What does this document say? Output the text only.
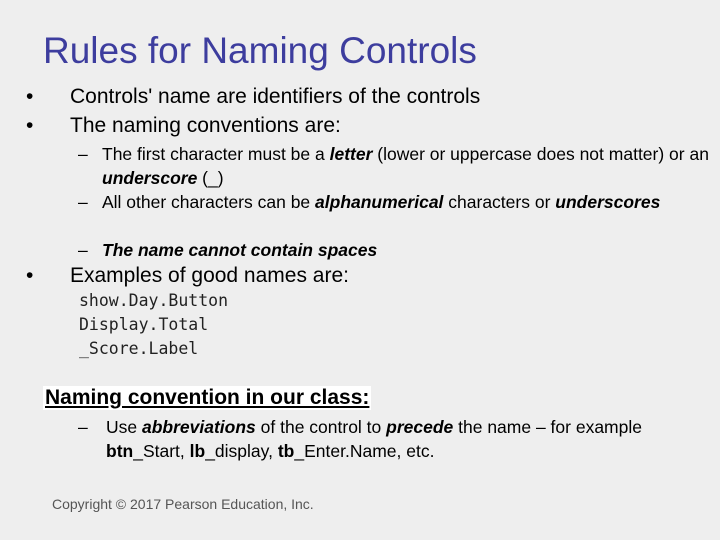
Rules for Naming Controls
• Controls' name are identifiers of the controls
• The naming conventions are:
– The first character must be a letter (lower or uppercase does not matter) or an underscore (_)
– All other characters can be alphanumerical characters or underscores
– The name cannot contain spaces
• Examples of good names are:
show.Day.Button
Display.Total
_Score.Label
Naming convention in our class:
– Use abbreviations of the control to precede the name – for example btn_Start, lb_display, tb_Enter.Name, etc.
Copyright © 2017 Pearson Education, Inc.
